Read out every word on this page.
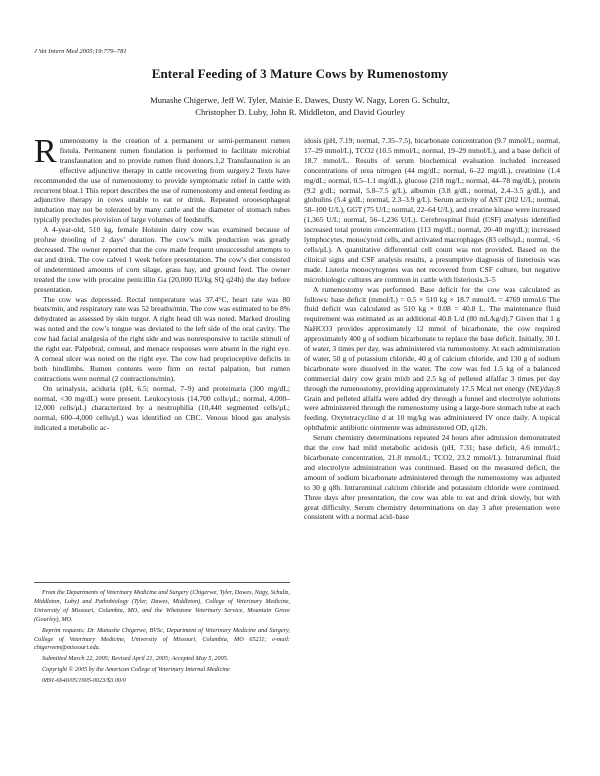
J Vet Intern Med 2005;19:779–781
Enteral Feeding of 3 Mature Cows by Rumenostomy
Munashe Chigerwe, Jeff W. Tyler, Maisie E. Dawes, Dusty W. Nagy, Loren G. Schultz,
Christopher D. Luby, John R. Middleton, and David Gourley

Rumenostomy is the creation of a permanent or semi-permanent rumen fistula. Permanent rumen fistulation is performed to facilitate microbial transfaunation and to provide rumen fluid donors.1,2 Transfaunation is an effective adjunctive therapy in cattle recovering from surgery.2 Texts have recommended the use of rumenostomy to provide symptomatic relief in cattle with recurrent bloat.1 This report describes the use of rumenostomy and enteral feeding as adjunctive therapy in cows unable to eat or drink. Repeated orooesophageal intubation may not be tolerated by many cattle and the diameter of stomach tubes typically precludes provision of large volumes of feedstuffs.

A 4-year-old, 510 kg, female Holstein dairy cow was examined because of profuse drooling of 2 days’ duration. The cow’s milk production was greatly decreased. The owner reported that the cow made frequent unsuccessful attempts to eat and drink. The cow calved 1 week before presentation. The cow’s diet consisted of undetermined amounts of corn silage, grass hay, and ground feed. The owner treated the cow with procaine penicillin Ga (20,000 IU/kg SQ q24h) the day before presentation.

The cow was depressed. Rectal temperature was 37.4°C, heart rate was 80 beats/min, and respiratory rate was 52 breaths/min. The cow was estimated to be 8% dehydrated as assessed by skin turgor. A right head tilt was noted. Marked drooling was noted and the cow’s tongue was deviated to the left side of the oral cavity. The cow had facial analgesia of the right side and was nonresponsive to tactile stimuli of the right ear. Palpebral, corneal, and menace responses were absent in the right eye. A corneal ulcer was noted on the right eye. The cow had proprioceptive deficits in both hindlimbs. Rumen contents were firm on rectal palpation, but rumen contractions were normal (2 contractions/min).

On urinalysis, aciduria (pH, 6.5; normal, 7–9) and proteinuria (300 mg/dL; normal, <30 mg/dL) were present. Leukocytosis (14,700 cells/μL; normal, 4,000–12,000 cells/μL) characterized by a neutrophilia (10,440 segmented cells/μL; normal, 600–4,000 cells/μL) was identified on CBC. Venous blood gas analysis indicated a metabolic ac-

From the Departments of Veterinary Medicine and Surgery (Chigerwe, Tyler, Dawes, Nagy, Schultz, Middleton, Luby) and Pathobiology (Tyler, Dawes, Middleton), College of Veterinary Medicine, University of Missouri, Columbia, MO, and the Whetstone Veterinary Service, Mountain Grove (Gourley), MO.

Reprint requests: Dr. Munashe Chigerwe, BVSc, Department of Veterinary Medicine and Surgery, College of Veterinary Medicine, University of Missouri, Columbia, MO 65211; e-mail: chigerwem@missouri.edu.

Submitted March 22, 2005; Revised April 21, 2005; Accepted May 5, 2005.

Copyright © 2005 by the American College of Veterinary Internal Medicine

0891-6640/05/1905-0023/$3.00/0

idosis (pH, 7.19; normal, 7.35–7.5), bicarbonate concentration (9.7 mmol/L; normal, 17–29 mmol/L), TCO2 (10.5 mmol/L; normal, 19–29 mmol/L), and a base deficit of 18.7 mmol/L. Results of serum biochemical evaluation included increased concentrations of urea nitrogen (44 mg/dL; normal, 6–22 mg/dL), creatinine (1.4 mg/dL; normal, 0.5–1.1 mg/dL), glucose (218 mg/L; normal, 44–78 mg/dL), protein (9.2 g/dL; normal, 5.8–7.5 g/L), albumin (3.8 g/dL; normal, 2.4–3.5 g/dL), and globulins (5.4 g/dL; normal, 2.3–3.9 g/L). Serum activity of AST (202 U/L; normal, 58–100 U/L), GGT (75 U/L; normal, 22–64 U/L), and creatine kinase were increased (1,365 U/L; normal, 56–1,236 U/L). Cerebrospinal fluid (CSF) analysis identified increased total protein concentration (113 mg/dL; normal, 20–40 mg/dL); increased lymphocytes, monocytoid cells, and activated macrophages (83 cells/μL; normal, <6 cells/μL). A quantitative differential cell count was not provided. Based on the clinical signs and CSF analysis results, a presumptive diagnosis of listeriosis was made. Listeria monocytogenes was not recovered from CSF culture, but negative microbiologic cultures are common in cattle with listeriosis.3–5

A rumenostomy was performed. Base deficit for the cow was calculated as follows: base deficit (mmol/L) = 0.5 × 510 kg × 18.7 mmol/L = 4769 mmol.6 The fluid deficit was calculated as 510 kg × 0.08 = 40.8 L. The maintenance fluid requirement was estimated as an additional 40.8 L/d (80 mL/kg/d).7 Given that 1 g NaHCO3 provides approximately 12 mmol of bicarbonate, the cow required approximately 400 g of sodium bicarbonate to replace the base deficit. Initially, 30 L of water, 3 times per day, was administered via rumenostomy. At each administration of water, 50 g of potassium chloride, 40 g of calcium chloride, and 130 g of sodium bicarbonate were dissolved in the water. The cow was fed 1.5 kg of a balanced commercial dairy cow grain mixb and 2.5 kg of pelleted alfalfac 3 times per day through the rumenostomy, providing approximately 17.5 Mcal net energy (NE)/day.8 Grain and pelleted alfalfa were added dry through a funnel and electrolyte solutions were administered through the rumenostomy using a large-bore stomach tube at each feeding. Oxytetracycline d at 10 mg/kg was administered IV once daily. A topical ophthalmic antibiotic ointmente was administered OD, q12h.

Serum chemistry determinations repeated 24 hours after admission demonstrated that the cow had mild metabolic acidosis (pH, 7.31; base deficit, 4.6 mmol/L; bicarbonate concentration, 21.8 mmol/L; TCO2, 23.2 mmol/L). Intraruminal fluid and electrolyte administration was continued. Based on the measured deficit, the amount of sodium bicarbonate administered through the rumenostomy was adjusted to 30 g q8h. Intraruminal calcium chloride and potassium chloride were continued. Three days after presentation, the cow was able to eat and drink slowly, but with great difficulty. Serum chemistry determinations on day 3 after presentation were consistent with a normal acid–base
